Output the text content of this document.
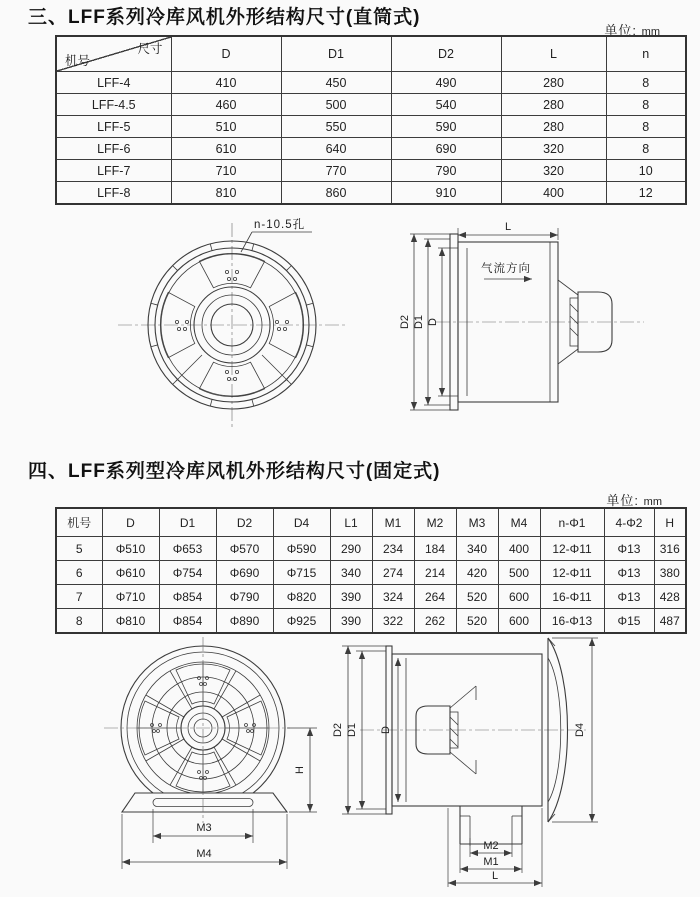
三、LFF系列冷库风机外形结构尺寸(直筒式)
单位: mm
尺寸
机号	D	D1	D2	L	n
LFF-4	410	450	490	280	8
LFF-4.5	460	500	540	280	8
LFF-5	510	550	590	280	8
LFF-6	610	640	690	320	8
LFF-7	710	770	790	320	10
LFF-8	810	860	910	400	12
n-10.5孔	L
气流方向
D2 D1 D
四、LFF系列型冷库风机外形结构尺寸(固定式)
单位: mm
机号	D	D1	D2	D4	L1	M1	M2	M3	M4	n-Φ1	4-Φ2	H
5	Φ510	Φ653	Φ570	Φ590	290	234	184	340	400	12-Φ11	Φ13	316
6	Φ610	Φ754	Φ690	Φ715	340	274	214	420	500	12-Φ11	Φ13	380
7	Φ710	Φ854	Φ790	Φ820	390	324	264	520	600	16-Φ11	Φ13	428
8	Φ810	Φ854	Φ890	Φ925	390	322	262	520	600	16-Φ13	Φ15	487
M3
M4
H
D2 D1 D	D4
M2
M1
L
